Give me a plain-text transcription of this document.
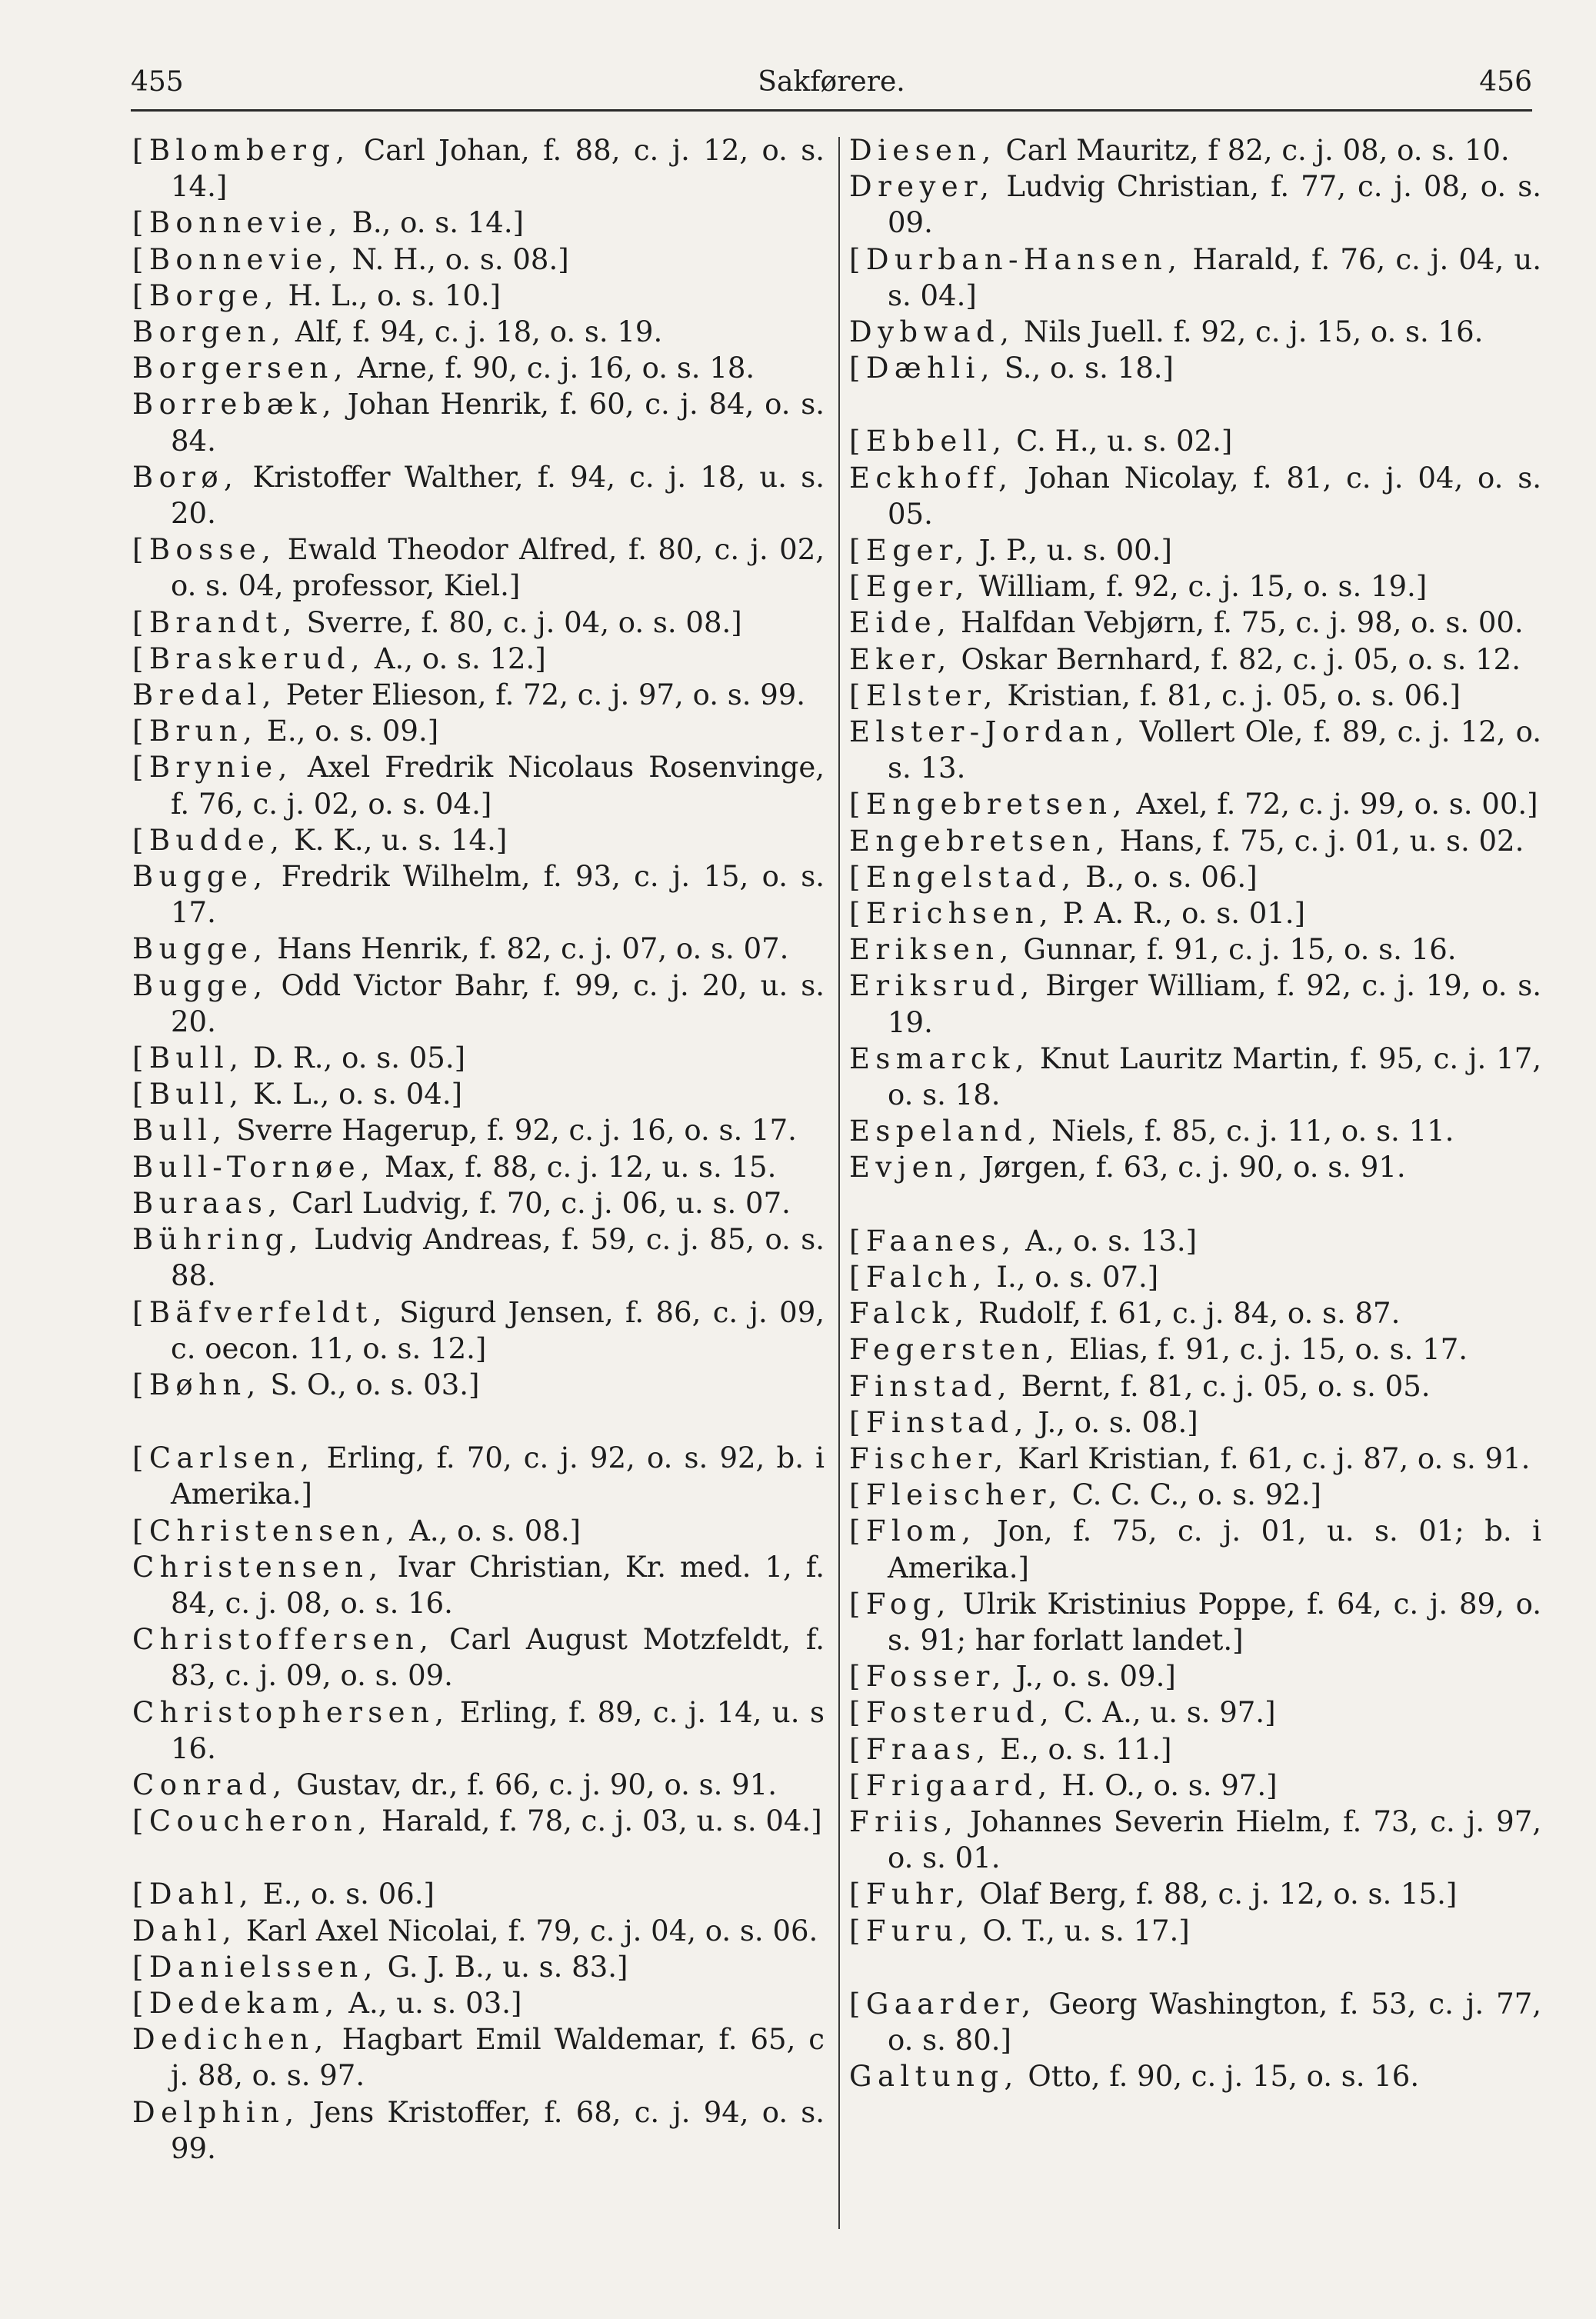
455	Sakførere.	456
[Blomberg, Carl Johan, f. 88, c. j. 12, o. s. 14.]
[Bonnevie, B., o. s. 14.]
[Bonnevie, N. H., o. s. 08.]
[Borge, H. L., o. s. 10.]
Borgen, Alf, f. 94, c. j. 18, o. s. 19.
Borgersen, Arne, f. 90, c. j. 16, o. s. 18.
Borrebæk, Johan Henrik, f. 60, c. j. 84, o. s. 84.
Borø, Kristoffer Walther, f. 94, c. j. 18, u. s. 20.
[Bosse, Ewald Theodor Alfred, f. 80, c. j. 02, o. s. 04, professor, Kiel.]
[Brandt, Sverre, f. 80, c. j. 04, o. s. 08.]
[Braskerud, A., o. s. 12.]
Bredal, Peter Elieson, f. 72, c. j. 97, o. s. 99.
[Brun, E., o. s. 09.]
[Brynie, Axel Fredrik Nicolaus Rosenvinge, f. 76, c. j. 02, o. s. 04.]
[Budde, K. K., u. s. 14.]
Bugge, Fredrik Wilhelm, f. 93, c. j. 15, o. s. 17.
Bugge, Hans Henrik, f. 82, c. j. 07, o. s. 07.
Bugge, Odd Victor Bahr, f. 99, c. j. 20, u. s. 20.
[Bull, D. R., o. s. 05.]
[Bull, K. L., o. s. 04.]
Bull, Sverre Hagerup, f. 92, c. j. 16, o. s. 17.
Bull-Tornøe, Max, f. 88, c. j. 12, u. s. 15.
Buraas, Carl Ludvig, f. 70, c. j. 06, u. s. 07.
Bühring, Ludvig Andreas, f. 59, c. j. 85, o. s. 88.
[Bäfverfeldt, Sigurd Jensen, f. 86, c. j. 09, c. oecon. 11, o. s. 12.]
[Bøhn, S. O., o. s. 03.]
[Carlsen, Erling, f. 70, c. j. 92, o. s. 92, b. i Amerika.]
[Christensen, A., o. s. 08.]
Christensen, Ivar Christian, Kr. med. 1, f. 84, c. j. 08, o. s. 16.
Christoffersen, Carl August Motzfeldt, f. 83, c. j. 09, o. s. 09.
Christophersen, Erling, f. 89, c. j. 14, u. s 16.
Conrad, Gustav, dr., f. 66, c. j. 90, o. s. 91.
[Coucheron, Harald, f. 78, c. j. 03, u. s. 04.]
[Dahl, E., o. s. 06.]
Dahl, Karl Axel Nicolai, f. 79, c. j. 04, o. s. 06.
[Danielssen, G. J. B., u. s. 83.]
[Dedekam, A., u. s. 03.]
Dedichen, Hagbart Emil Waldemar, f. 65, c j. 88, o. s. 97.
Delphin, Jens Kristoffer, f. 68, c. j. 94, o. s. 99.
Diesen, Carl Mauritz, f 82, c. j. 08, o. s. 10.
Dreyer, Ludvig Christian, f. 77, c. j. 08, o. s. 09.
[Durban-Hansen, Harald, f. 76, c. j. 04, u. s. 04.]
Dybwad, Nils Juell. f. 92, c. j. 15, o. s. 16.
[Dæhli, S., o. s. 18.]
[Ebbell, C. H., u. s. 02.]
Eckhoff, Johan Nicolay, f. 81, c. j. 04, o. s. 05.
[Eger, J. P., u. s. 00.]
[Eger, William, f. 92, c. j. 15, o. s. 19.]
Eide, Halfdan Vebjørn, f. 75, c. j. 98, o. s. 00.
Eker, Oskar Bernhard, f. 82, c. j. 05, o. s. 12.
[Elster, Kristian, f. 81, c. j. 05, o. s. 06.]
Elster-Jordan, Vollert Ole, f. 89, c. j. 12, o. s. 13.
[Engebretsen, Axel, f. 72, c. j. 99, o. s. 00.]
Engebretsen, Hans, f. 75, c. j. 01, u. s. 02.
[Engelstad, B., o. s. 06.]
[Erichsen, P. A. R., o. s. 01.]
Eriksen, Gunnar, f. 91, c. j. 15, o. s. 16.
Eriksrud, Birger William, f. 92, c. j. 19, o. s. 19.
Esmarck, Knut Lauritz Martin, f. 95, c. j. 17, o. s. 18.
Espeland, Niels, f. 85, c. j. 11, o. s. 11.
Evjen, Jørgen, f. 63, c. j. 90, o. s. 91.
[Faanes, A., o. s. 13.]
[Falch, I., o. s. 07.]
Falck, Rudolf, f. 61, c. j. 84, o. s. 87.
Fegersten, Elias, f. 91, c. j. 15, o. s. 17.
Finstad, Bernt, f. 81, c. j. 05, o. s. 05.
[Finstad, J., o. s. 08.]
Fischer, Karl Kristian, f. 61, c. j. 87, o. s. 91.
[Fleischer, C. C. C., o. s. 92.]
[Flom, Jon, f. 75, c. j. 01, u. s. 01; b. i Amerika.]
[Fog, Ulrik Kristinius Poppe, f. 64, c. j. 89, o. s. 91; har forlatt landet.]
[Fosser, J., o. s. 09.]
[Fosterud, C. A., u. s. 97.]
[Fraas, E., o. s. 11.]
[Frigaard, H. O., o. s. 97.]
Friis, Johannes Severin Hielm, f. 73, c. j. 97, o. s. 01.
[Fuhr, Olaf Berg, f. 88, c. j. 12, o. s. 15.]
[Furu, O. T., u. s. 17.]
[Gaarder, Georg Washington, f. 53, c. j. 77, o. s. 80.]
Galtung, Otto, f. 90, c. j. 15, o. s. 16.
